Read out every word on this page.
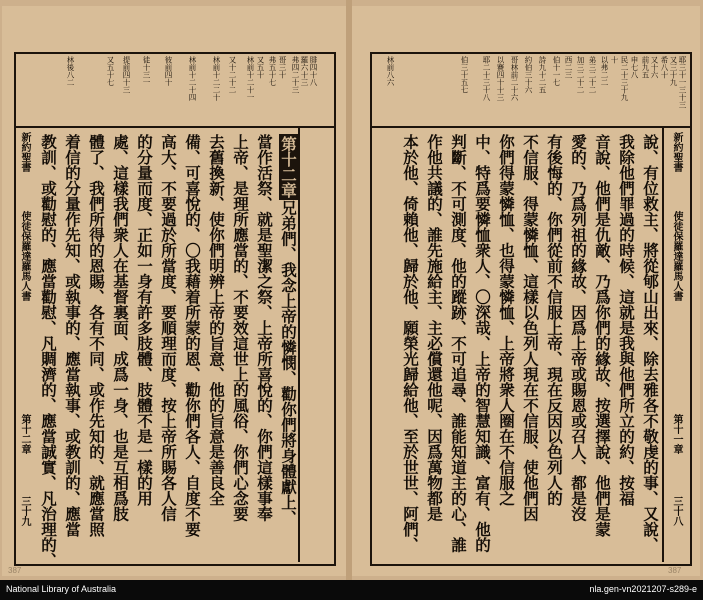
腓四十八
羅六十三
弗四二十三
哥三十
弗五十七
又五十
林前十二十一
又十二十二
林前十二二十
林前十二十四
彼前四十
徒十三一
提前四十三
又五十七
林後八二
第十二章兄弟們、我念上帝的憐憫、勸你們將身體獻上、
當作活祭、就是聖潔之祭、上帝所喜悅的、你們這樣事奉
上帝、是理所應當的、不要效這世上的風俗、你們心念要
去舊換新、使你們明辨上帝的旨意、他的旨意是善良全
備、可喜悅的、〇我藉着所蒙的恩、勸你們各人、自度不要
高大、不要過於所當度、要順理而度、按上帝所賜各人信
的分量而度、正如一身有許多肢體、肢體不是一樣的用
處、這樣我們衆人在基督裏面、成爲一身、也是互相爲肢
體了、我們所得的恩賜、各有不同、或作先知的、就應當照
着信的分量作先知、或執事的、應當執事、或教訓的、應當
教訓、或勸慰的、應當勸慰、凡賙濟的、應當誠實、凡治理的、
新約聖書
使徒保羅達羅馬人書
第十二章
三十九
耶三十一三十三
又三十九
希八十
又十六
前九五
申七八
民二十三十九
十
以弗二二
弟三二十二
加三二十二
西二三
伯十一七
詩九十二五
約伯三十六
哥林前二十六
以賽四十十三
耶二十三十八
伯三十五七
林前八六
說、有位救主、將從郇山出來、除去雅各不敬虔的事、又說、
我除他們罪過的時候、這就是我與他們所立的約、按福
音說、他們是仇敵、乃爲你們的緣故、按選擇說、他們是蒙
愛的、乃爲列祖的緣故、因爲上帝或賜恩或召人、都是沒
有後悔的、你們從前不信服上帝、現在反因以色列人的
不信服、得蒙憐恤、這樣以色列人現在不信服、使他們因
你們得蒙憐恤、也得蒙憐恤、上帝將衆人圈在不信服之
中、特爲要憐恤衆人、〇深哉、上帝的智慧知識、富有、他的
判斷、不可測度、他的蹤跡、不可追尋、誰能知道主的心、誰
作他共議的、誰先施給主、主必償還他呢、因爲萬物都是
本於他、倚賴他、歸於他、願榮光歸給他、至於世世、阿們、	新約聖書
使徒保羅達羅馬人書
第十一章
三十八
387	387
National Library of Australia	nla.gen-vn2021207-s289-e
